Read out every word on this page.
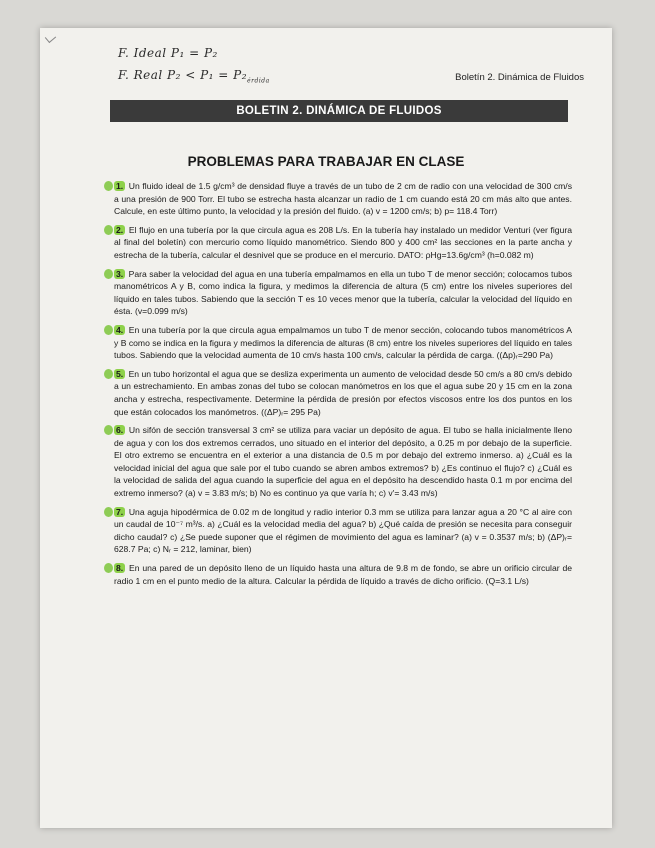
F. Ideal P₁ = P₂
F. Real $P_2 < P_1 = P_2_{érdida}$	Boletín 2. Dinámica de Fluidos
BOLETIN 2. DINÁMICA DE FLUIDOS
PROBLEMAS PARA TRABAJAR EN CLASE
1. Un fluido ideal de 1.5 g/cm³ de densidad fluye a través de un tubo de 2 cm de radio con una velocidad de 300 cm/s a una presión de 900 Torr. El tubo se estrecha hasta alcanzar un radio de 1 cm cuando está 20 cm más alto que antes. Calcule, en este último punto, la velocidad y la presión del fluido. (a) v = 1200 cm/s; b) p= 118.4 Torr)
2. El flujo en una tubería por la que circula agua es 208 L/s. En la tubería hay instalado un medidor Venturi (ver figura al final del boletín) con mercurio como líquido manométrico. Siendo 800 y 400 cm² las secciones en la parte ancha y estrecha de la tubería, calcular el desnivel que se produce en el mercurio. DATO: ρHg=13.6g/cm³ (h=0.082 m)
3. Para saber la velocidad del agua en una tubería empalmamos en ella un tubo T de menor sección; colocamos tubos manométricos A y B, como indica la figura, y medimos la diferencia de altura (5 cm) entre los niveles superiores del líquido en tales tubos. Sabiendo que la sección T es 10 veces menor que la tubería, calcular la velocidad del líquido en ésta. (v=0.099 m/s)
4. En una tubería por la que circula agua empalmamos un tubo T de menor sección, colocando tubos manométricos A y B como se indica en la figura y medimos la diferencia de alturas (8 cm) entre los niveles superiores del líquido en tales tubos. Sabiendo que la velocidad aumenta de 10 cm/s hasta 100 cm/s, calcular la pérdida de carga. ((Δp)ᵣ=290 Pa)
5. En un tubo horizontal el agua que se desliza experimenta un aumento de velocidad desde 50 cm/s a 80 cm/s debido a un estrechamiento. En ambas zonas del tubo se colocan manómetros en los que el agua sube 20 y 15 cm en la zona ancha y estrecha, respectivamente. Determine la pérdida de presión por efectos viscosos entre los dos puntos en los que están colocados los manómetros. ((ΔP)ᵣ= 295 Pa)
6. Un sifón de sección transversal 3 cm² se utiliza para vaciar un depósito de agua. El tubo se halla inicialmente lleno de agua y con los dos extremos cerrados, uno situado en el interior del depósito, a 0.25 m por debajo de la superficie. El otro extremo se encuentra en el exterior a una distancia de 0.5 m por debajo del extremo inmerso. a) ¿Cuál es la velocidad inicial del agua que sale por el tubo cuando se abren ambos extremos? b) ¿Es continuo el flujo? c) ¿Cuál es la velocidad de salida del agua cuando la superficie del agua en el depósito ha descendido hasta 0.1 m por encima del extremo inmerso? (a) v = 3.83 m/s; b) No es continuo ya que varía h; c) v'= 3.43 m/s)
7. Una aguja hipodérmica de 0.02 m de longitud y radio interior 0.3 mm se utiliza para lanzar agua a 20 °C al aire con un caudal de 10⁻⁷ m³/s. a) ¿Cuál es la velocidad media del agua? b) ¿Qué caída de presión se necesita para conseguir dicho caudal? c) ¿Se puede suponer que el régimen de movimiento del agua es laminar? (a) v = 0.3537 m/s; b) (ΔP)ᵣ= 628.7 Pa; c) Nᵣ = 212, laminar, bien)
8. En una pared de un depósito lleno de un líquido hasta una altura de 9.8 m de fondo, se abre un orificio circular de radio 1 cm en el punto medio de la altura. Calcular la pérdida de líquido a través de dicho orificio. (Q=3.1 L/s)
